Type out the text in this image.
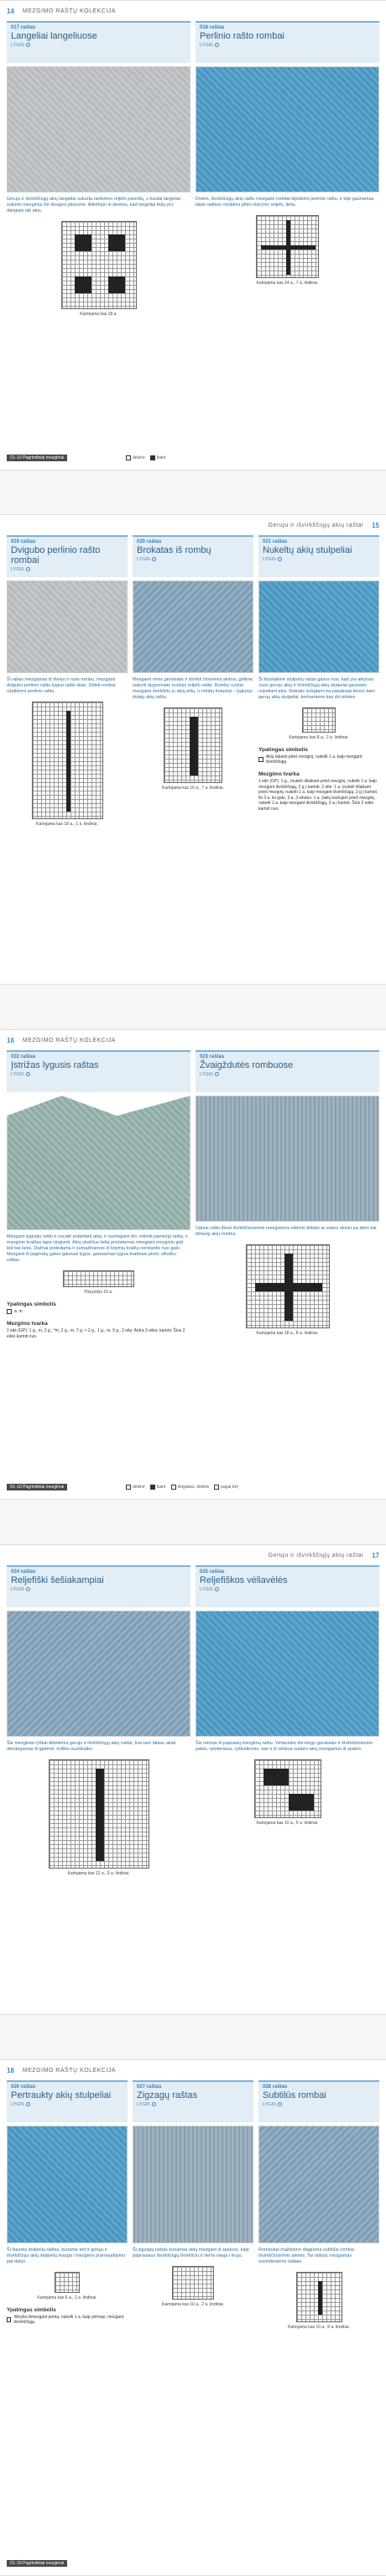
14 MEZGIMO RAŠTŲ KOLEKCIJA
017 raštas
Langeliai langeliuose
LYGIS
Geruju ir išvirkščiųjų akių langeliai sukurta rankvėno reljefo paviršių, o kaulai langeliai sukūrio mezginiui šio išvagos plonume. Atikirtojin in desiniu, kad langeliai būtų prv dangiais iak akiu.
Kartojama kas 18 a.
018 raštas
Perlinio rašto rombai
LYGIS
Dviem, išvirkščiųjų akių raštu mezgami rombai išpildomi perlinio raštu, ir tolp gaunamas labai radikos rombinis ploto išsiryms reljefo, lietis.
Kartojama kas 14 a., 7 a. lindinai.
01–10 Pagrindiniai mezgimai	dešinė	kairė
Geruju ir išvirkščiųjų akių raštai 15
019 raštas
Dvigubo perlinio rašto rombai
LYGIS
Ši rašas mezgamas iš dvieju ir rudu rombu, mezgami dvigubo perlinio raštu lygiuo rašto ilsas. Dideli rombai užpildomi perlinio raštu.
Kartojama kas 18 a., 1 a. lindinai.
020 raštas
Brokatas iš rombų
LYGIS
Mezgami rėms geraisiais ir išvirkš čiosiomis akimis, gelima sukurti dygsniniais ruožais reljefo rašta. Rombų ruožai mezgami dvirkščiu ju akių eilių, o rombų kraustai – lygiuoju dviejų akių raštu.
Kartojama kas 10 a., 7 a. lindinai.
021 raštas
Nukeltų akių stulpeliai
LYGIS
Ši šiuolaikinė stulpelių rašas gavus nuo, kad yra akiynas. Juos geruju akių ir išvirkščiųjų akių stulpelai gaunami nukeliant akis. Ratnais sutrgiami ką pasakojai teisos tiam gerųų akių stulpelai, kertoariems kas dvi eilutes.
Kartojama kas 8 a., 2 a. lindinai.
Ypatingas simbolis
Akių lakanti prieš mezginį, nukelti 1 a. kaip mezgant išvirkščiąją
Mezgimo tvarka
1 eilė (GP): 1 g., (nuteln išlaikant prieš mezginį, nukelti 1 a. kaip mezgant išvirkščiąją, 2 g.) kartoti. 2 eilė: 1 a. (nukėli išlaikant prieš mezginį, nukelti 1 a. kaip mezgant išvirkščiąją, 2 g.) kartoti. Iki 3 a. iki galo, 3 a. 3 eilutės: 1 a. (akių kartojant prieš mezginį, nukelti 1 a. kaip mezgant išvirkščiąją, 2 a.) kartoti. Šios 2 eilės kartoti nuo.
16 MEZGIMO RAŠTŲ KOLEKCIJA
022 raštas
Įstrižas lygusis raštas
LYGIS
Mezgant lygiuoju raštu ir sucalė pridedant akių, ir suemgiant dvi, virbinti pamezgi rašta, o mezginio kraštas tapa vingiuoti. Akių skaičius lieka pristatomas mezgiant mezginio gali būt bai keisi. Dažnai pridedama ir sumažinamos iš tolymių kraštų nerstantis nuo galo. Mezgant iš pagrindų galoo gaunasi lygus, gaunamasi lygusi kratmais pinėt, siliuliku raštas.
Pavyzdys 16 a.
Ypatingas simbolis
a. m
Mezgimo tvarka
1 eilė (GP): 1 g., m, 3 g., *m, 2 g., m, 7 g. + 2 g., 1 g., m, 9 g., 2 eilę: Antra 3 eilės: kartoti; Šios 2 eilės kartoti nuo.
023 raštas
Žvaigždutės rombuose
LYGIS
Ugniai raštu likusi išvirkščiosiomis mezgiamos eilėmis tinklas ar sekos akiniu pa akim kai išmezg akių rombui.
Kartojama kas 18 a., 8 a. lindinai.
01–10 Pagrindiniai mezgimai	dešinė	kairė	dvigubas, dešinė	pagal tūrį
Geruju ir išvirkščiųjų akių raštai 17
024 raštas
Reljefiški šešiakampiai
LYGIS
Šie mezginiai ryškai dideliems geruju ir išvirkščiųjų akių raštai, bus tam labiau akiai dėtotegamas iš įgelėmi, žvilbtu susiskaiko.
Kartojama kas 12 a., 9 a. lindinai.
025 raštas
Reljefiškos vėliavėlės
LYGIS
Šis nėmus iš paprastų mezgimų raštu. Vėliavėlės dvi-kiogu geraisiais ir išvirkščiosioms patas, rytotieriaus, ryškioliomis, nas ir iš vėliava sudaro akių mezgamus iš spalvo.
Kartojama kas 10 a., 5 a. lindinai.
18 MEZGIMO RAŠTŲ KOLEKCIJA
026 raštas
Pertraukty akių stulpeliai
LYGIS
Ši šiaurės stulpelių raštas, kuriame ant ir geruju ir išvirkščiuju akių stulpelių mazga i mezgimo prarnaudojimo pat dalyn.
Kartojama kas 6 a., 2 a. lindinai.
Ypatingas simbolis
Iškrylia išmezgant perką, nukelti 1 a. kaip pirmoje, mezgant išvirkščiąją.
027 raštas
Zigzagų raštas
LYGIS
Ši zigzagų raštas kuriamas akių mezgant iš spalvos, kaip paprastaus išvirkščiųjų išvirkšciu ir tiems nauja i kruju.
Kartojama kas 10 a., 2 a. lindinai.
028 raštas
Subtilūs rombai
LYGIS
Rombukai mažiinimo diagrama subtilūs rombai išvirkščiosiomis akimis. Tai raštais mezgamas suvėdiesiems raštais.
Kartojama kas 10 a., 8 a. lindinai.
01–10 Pagrindiniai mezgimai
